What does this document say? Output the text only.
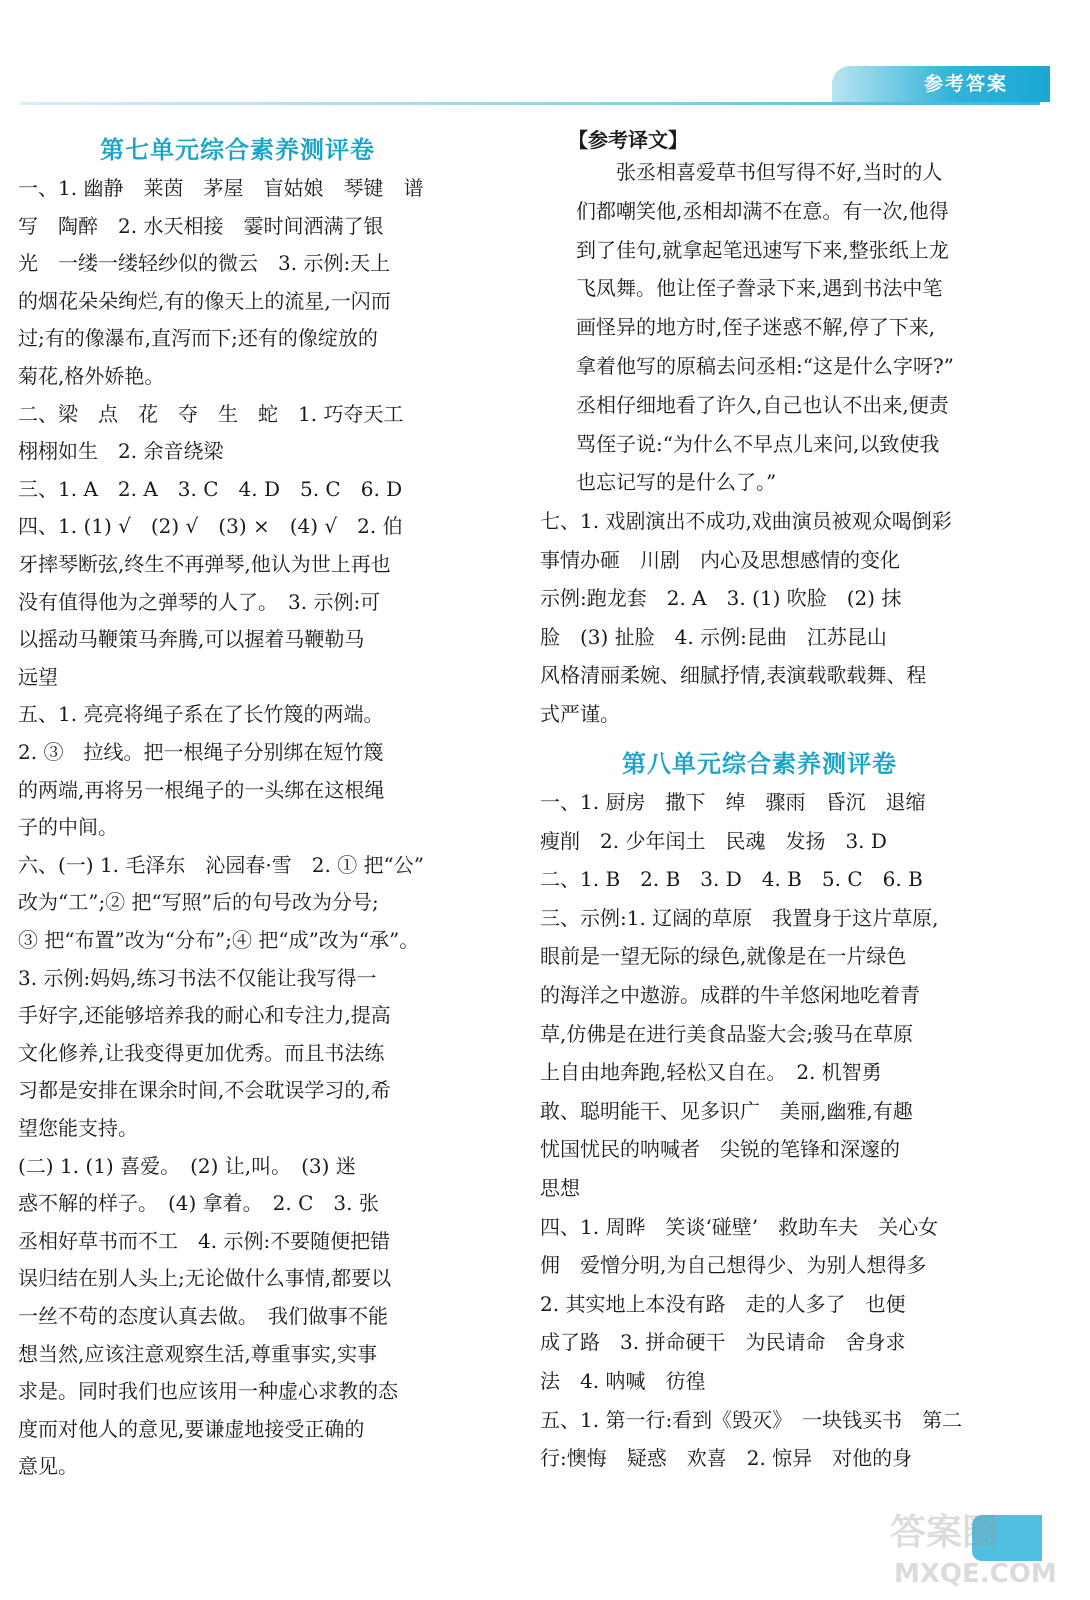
参考答案
第七单元综合素养测评卷
一、1. 幽静　莱茵　茅屋　盲姑娘　琴键　谱
写　陶醉　2. 水天相接　霎时间洒满了银
光　一缕一缕轻纱似的微云　3. 示例:天上
的烟花朵朵绚烂,有的像天上的流星,一闪而
过;有的像瀑布,直泻而下;还有的像绽放的
菊花,格外娇艳。
二、梁　点　花　夺　生　蛇　1. 巧夺天工
栩栩如生　2. 余音绕梁
三、1. A　2. A　3. C　4. D　5. C　6. D
四、1. (1) √　(2) √　(3) ×　(4) √　2. 伯
牙摔琴断弦,终生不再弹琴,他认为世上再也
没有值得他为之弹琴的人了。　3. 示例:可
以摇动马鞭策马奔腾,可以握着马鞭勒马
远望
五、1. 亮亮将绳子系在了长竹篾的两端。
2. ③　拉线。把一根绳子分别绑在短竹篾
的两端,再将另一根绳子的一头绑在这根绳
子的中间。
六、(一) 1. 毛泽东　沁园春·雪　2. ① 把“公”
改为“工”;② 把“写照”后的句号改为分号;
③ 把“布置”改为“分布”;④ 把“成”改为“承”。
3. 示例:妈妈,练习书法不仅能让我写得一
手好字,还能够培养我的耐心和专注力,提高
文化修养,让我变得更加优秀。而且书法练
习都是安排在课余时间,不会耽误学习的,希
望您能支持。
(二) 1. (1) 喜爱。　(2) 让,叫。　(3) 迷
惑不解的样子。　(4) 拿着。　2. C　3. 张
丞相好草书而不工　4. 示例:不要随便把错
误归结在别人头上;无论做什么事情,都要以
一丝不苟的态度认真去做。　我们做事不能
想当然,应该注意观察生活,尊重事实,实事
求是。同时我们也应该用一种虚心求教的态
度而对他人的意见,要谦虚地接受正确的
意见。
【参考译文】
　　张丞相喜爱草书但写得不好,当时的人
们都嘲笑他,丞相却满不在意。有一次,他得
到了佳句,就拿起笔迅速写下来,整张纸上龙
飞凤舞。他让侄子誊录下来,遇到书法中笔
画怪异的地方时,侄子迷惑不解,停了下来,
拿着他写的原稿去问丞相:“这是什么字呀?”
丞相仔细地看了许久,自己也认不出来,便责
骂侄子说:“为什么不早点儿来问,以致使我
也忘记写的是什么了。”
七、1. 戏剧演出不成功,戏曲演员被观众喝倒彩
事情办砸　川剧　内心及思想感情的变化
示例:跑龙套　2. A　3. (1) 吹脸　(2) 抹
脸　(3) 扯脸　4. 示例:昆曲　江苏昆山
风格清丽柔婉、细腻抒情,表演载歌载舞、程
式严谨。
第八单元综合素养测评卷
一、1. 厨房　撒下　绰　骤雨　昏沉　退缩
瘦削　2. 少年闰土　民魂　发扬　3. D
二、1. B　2. B　3. D　4. B　5. C　6. B
三、示例:1. 辽阔的草原　我置身于这片草原,
眼前是一望无际的绿色,就像是在一片绿色
的海洋之中遨游。成群的牛羊悠闲地吃着青
草,仿佛是在进行美食品鉴大会;骏马在草原
上自由地奔跑,轻松又自在。　2. 机智勇
敢、聪明能干、见多识广　美丽,幽雅,有趣
忧国忧民的呐喊者　尖锐的笔锋和深邃的
思想
四、1. 周晔　笑谈‘碰壁’　救助车夫　关心女
佣　爱憎分明,为自己想得少、为别人想得多
2. 其实地上本没有路　走的人多了　也便
成了路　3. 拼命硬干　为民请命　舍身求
法　4. 呐喊　彷徨
五、1. 第一行:看到《毁灭》　一块钱买书　第二
行:懊悔　疑惑　欢喜　2. 惊异　对他的身
答案圈
MXQE.COM
